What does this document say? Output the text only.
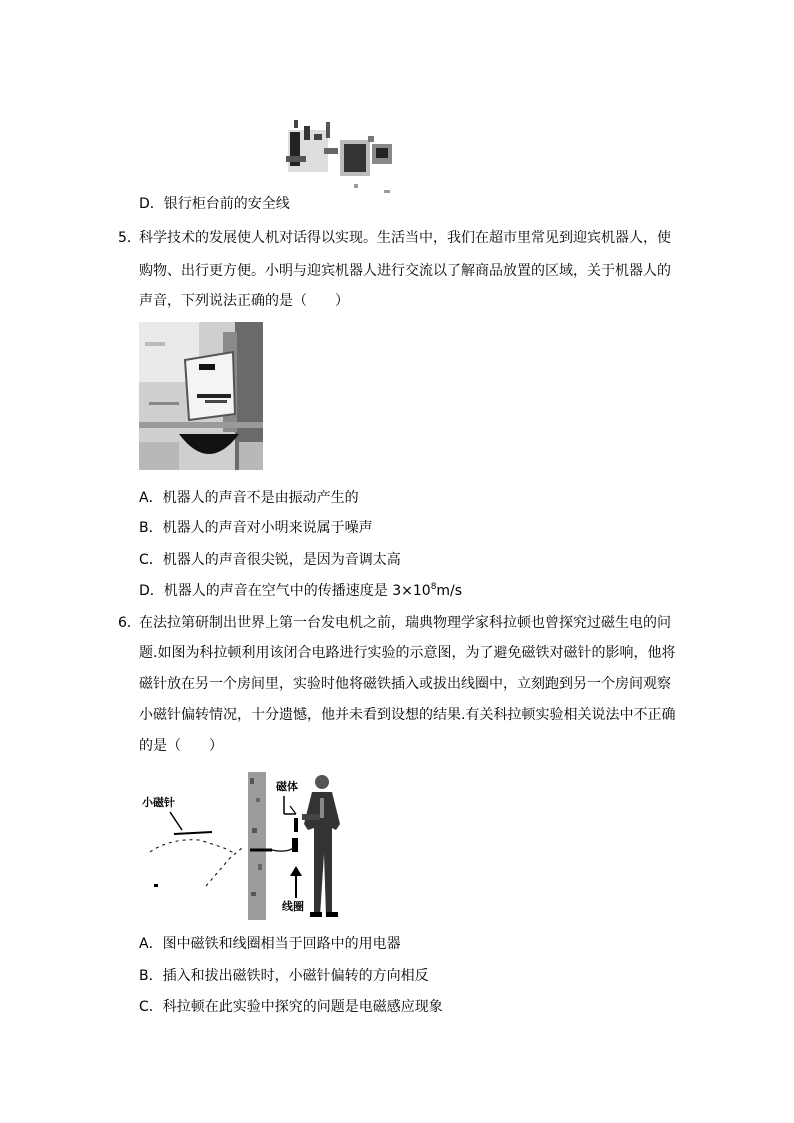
D．银行柜台前的安全线
5．科学技术的发展使人机对话得以实现。生活当中，我们在超市里常见到迎宾机器人，使
购物、出行更方便。小明与迎宾机器人进行交流以了解商品放置的区域，关于机器人的
声音，下列说法正确的是（　　）
A．机器人的声音不是由振动产生的
B．机器人的声音对小明来说属于噪声
C．机器人的声音很尖锐，是因为音调太高
D．机器人的声音在空气中的传播速度是 $3\times 10^8m/s$
6．在法拉第研制出世界上第一台发电机之前，瑞典物理学家科拉顿也曾探究过磁生电的问
题.如图为科拉顿利用该闭合电路进行实验的示意图，为了避免磁铁对磁针的影响，他将
磁针放在另一个房间里，实验时他将磁铁插入或拔出线圈中，立刻跑到另一个房间观察
小磁针偏转情况，十分遗憾，他并未看到设想的结果.有关科拉顿实验相关说法中不正确
的是（　　）
小磁针
磁体
线圈
A．图中磁铁和线圈相当于回路中的用电器
B．插入和拔出磁铁时，小磁针偏转的方向相反
C．科拉顿在此实验中探究的问题是电磁感应现象
